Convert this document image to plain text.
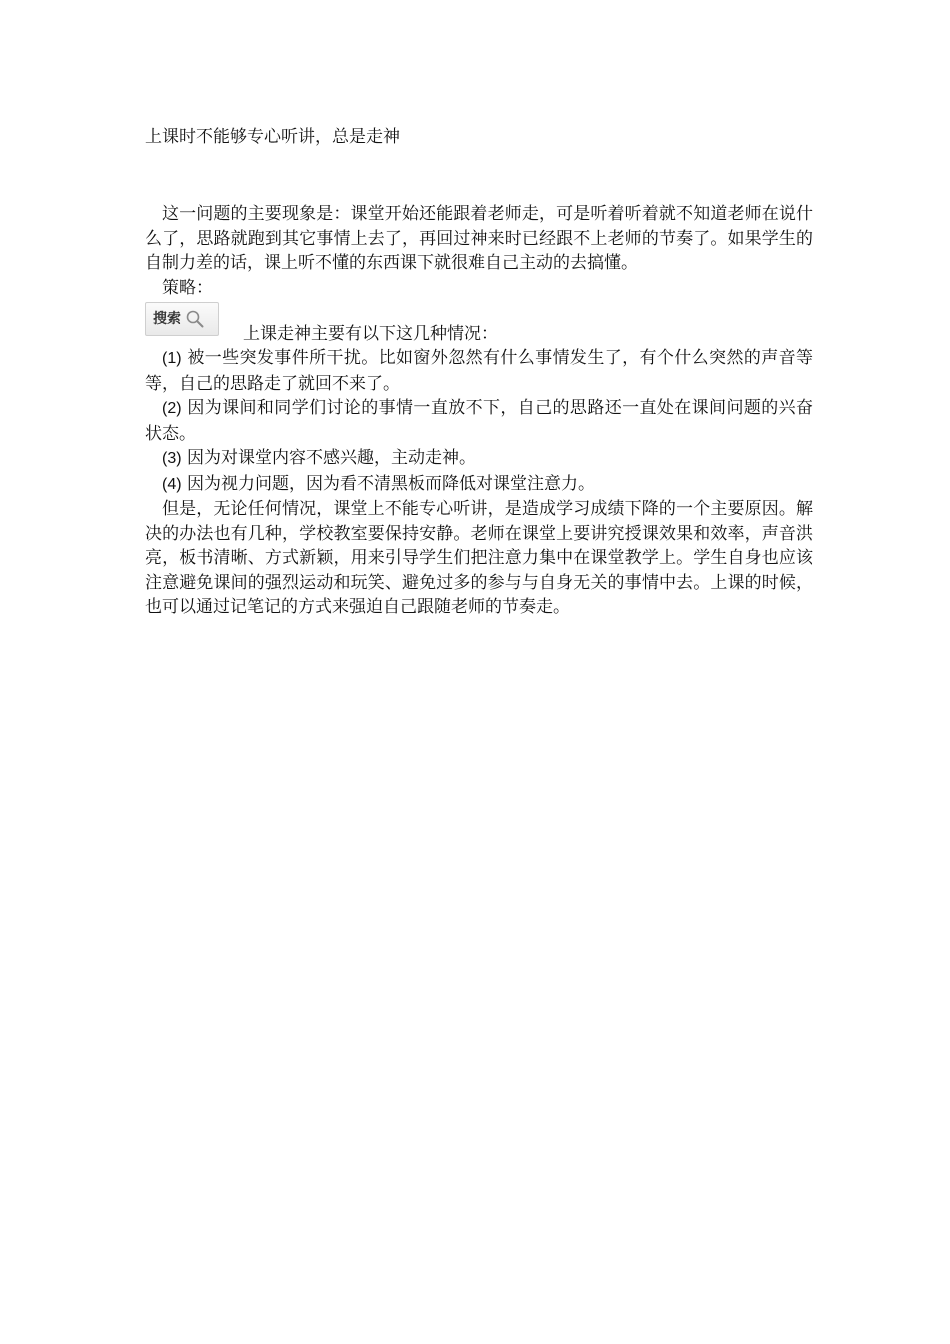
上课时不能够专心听讲，总是走神

这一问题的主要现象是：课堂开始还能跟着老师走，可是听着听着就不知道老师在说什么了，思路就跑到其它事情上去了，再回过神来时已经跟不上老师的节奏了。如果学生的自制力差的话，课上听不懂的东西课下就很难自己主动的去搞懂。

策略：

搜索
上课走神主要有以下这几种情况：

(1) 被一些突发事件所干扰。比如窗外忽然有什么事情发生了，有个什么突然的声音等等，自己的思路走了就回不来了。

(2) 因为课间和同学们讨论的事情一直放不下，自己的思路还一直处在课间问题的兴奋状态。

(3) 因为对课堂内容不感兴趣，主动走神。

(4) 因为视力问题，因为看不清黑板而降低对课堂注意力。

但是，无论任何情况，课堂上不能专心听讲，是造成学习成绩下降的一个主要原因。解决的办法也有几种，学校教室要保持安静。老师在课堂上要讲究授课效果和效率，声音洪亮，板书清晰、方式新颖，用来引导学生们把注意力集中在课堂教学上。学生自身也应该注意避免课间的强烈运动和玩笑、避免过多的参与与自身无关的事情中去。上课的时候，也可以通过记笔记的方式来强迫自己跟随老师的节奏走。
